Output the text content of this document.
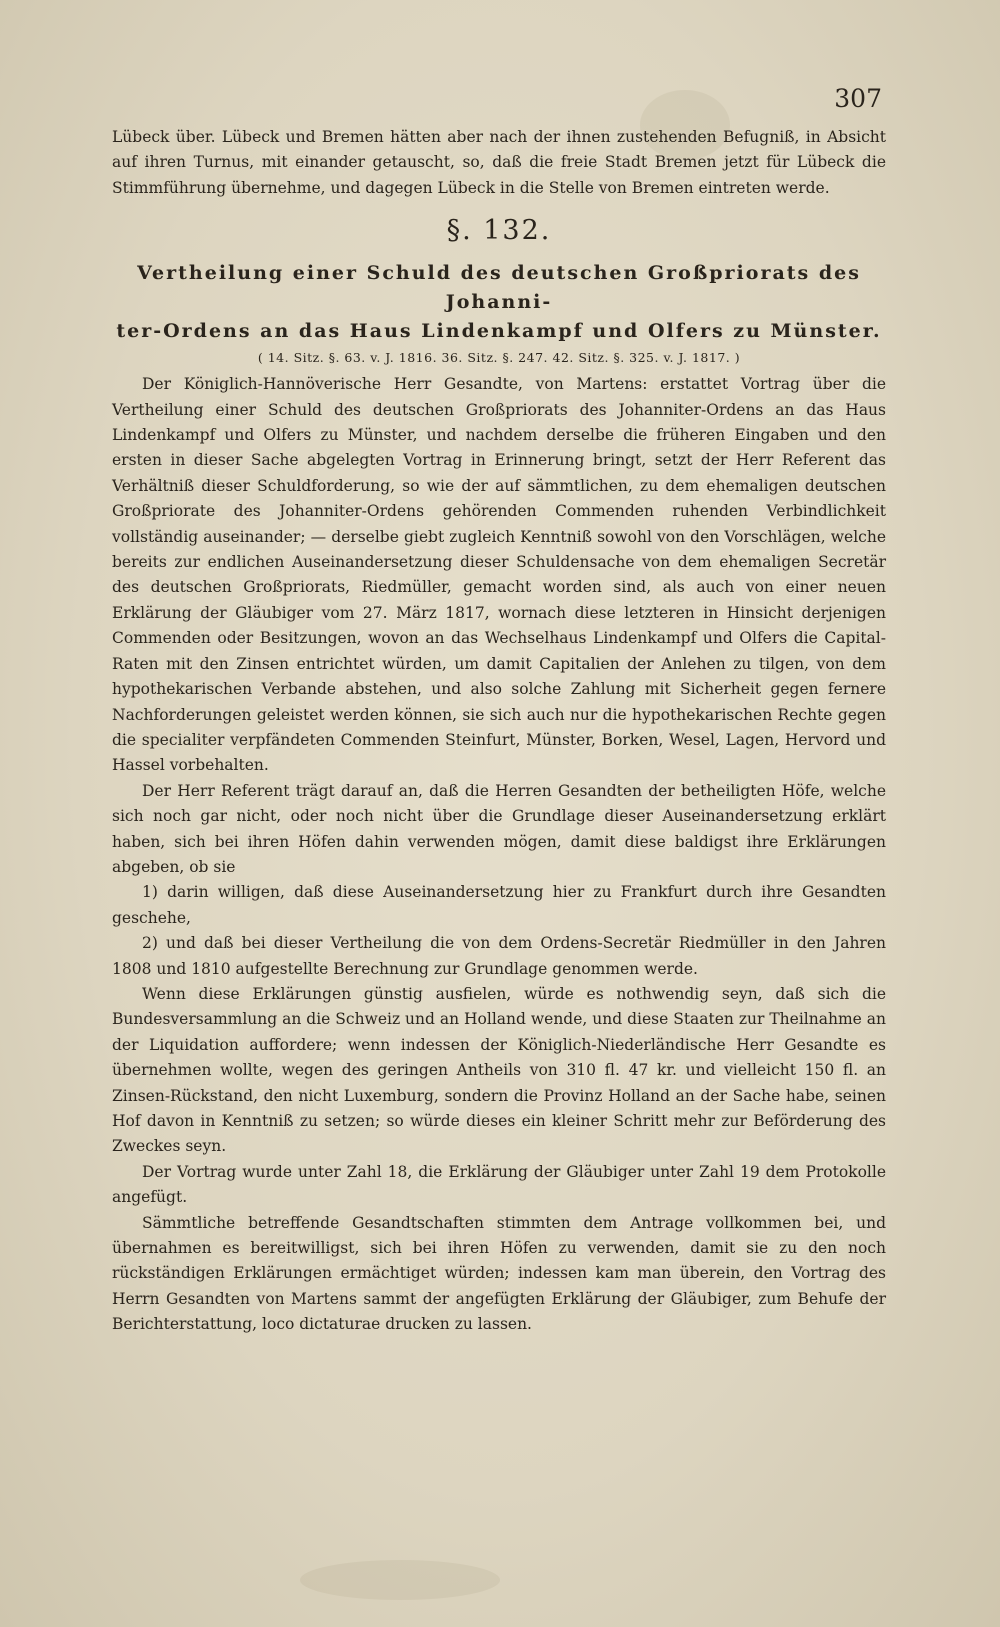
307

Lübeck über. Lübeck und Bremen hätten aber nach der ihnen zustehenden Befugniß, in Absicht auf ihren Turnus, mit einander getauscht, so, daß die freie Stadt Bremen jetzt für Lübeck die Stimmführung übernehme, und dagegen Lübeck in die Stelle von Bremen eintreten werde.

§. 132.
Vertheilung einer Schuld des deutschen Großpriorats des Johanni-
ter-Ordens an das Haus Lindenkampf und Olfers zu Münster.
( 14. Sitz. §. 63. v. J. 1816. 36. Sitz. §. 247. 42. Sitz. §. 325. v. J. 1817. )

Der Königlich-Hannöverische Herr Gesandte, von Martens: erstattet Vortrag über die Vertheilung einer Schuld des deutschen Großpriorats des Johanniter-Ordens an das Haus Lindenkampf und Olfers zu Münster, und nachdem derselbe die früheren Eingaben und den ersten in dieser Sache abgelegten Vortrag in Erinnerung bringt, setzt der Herr Referent das Verhältniß dieser Schuldforderung, so wie der auf sämmtlichen, zu dem ehemaligen deutschen Großpriorate des Johanniter-Ordens gehörenden Commenden ruhenden Verbindlichkeit vollständig auseinander; — derselbe giebt zugleich Kenntniß sowohl von den Vorschlägen, welche bereits zur endlichen Auseinandersetzung dieser Schuldensache von dem ehemaligen Secretär des deutschen Großpriorats, Riedmüller, gemacht worden sind, als auch von einer neuen Erklärung der Gläubiger vom 27. März 1817, wornach diese letzteren in Hinsicht derjenigen Commenden oder Besitzungen, wovon an das Wechselhaus Lindenkampf und Olfers die Capital-Raten mit den Zinsen entrichtet würden, um damit Capitalien der Anlehen zu tilgen, von dem hypothekarischen Verbande abstehen, und also solche Zahlung mit Sicherheit gegen fernere Nachforderungen geleistet werden können, sie sich auch nur die hypothekarischen Rechte gegen die specialiter verpfändeten Commenden Steinfurt, Münster, Borken, Wesel, Lagen, Hervord und Hassel vorbehalten.

Der Herr Referent trägt darauf an, daß die Herren Gesandten der betheiligten Höfe, welche sich noch gar nicht, oder noch nicht über die Grundlage dieser Auseinandersetzung erklärt haben, sich bei ihren Höfen dahin verwenden mögen, damit diese baldigst ihre Erklärungen abgeben, ob sie

1) darin willigen, daß diese Auseinandersetzung hier zu Frankfurt durch ihre Gesandten geschehe,

2) und daß bei dieser Vertheilung die von dem Ordens-Secretär Riedmüller in den Jahren 1808 und 1810 aufgestellte Berechnung zur Grundlage genommen werde.

Wenn diese Erklärungen günstig ausfielen, würde es nothwendig seyn, daß sich die Bundesversammlung an die Schweiz und an Holland wende, und diese Staaten zur Theilnahme an der Liquidation auffordere; wenn indessen der Königlich-Niederländische Herr Gesandte es übernehmen wollte, wegen des geringen Antheils von 310 fl. 47 kr. und vielleicht 150 fl. an Zinsen-Rückstand, den nicht Luxemburg, sondern die Provinz Holland an der Sache habe, seinen Hof davon in Kenntniß zu setzen; so würde dieses ein kleiner Schritt mehr zur Beförderung des Zweckes seyn.

Der Vortrag wurde unter Zahl 18, die Erklärung der Gläubiger unter Zahl 19 dem Protokolle angefügt.

Sämmtliche betreffende Gesandtschaften stimmten dem Antrage vollkommen bei, und übernahmen es bereitwilligst, sich bei ihren Höfen zu verwenden, damit sie zu den noch rückständigen Erklärungen ermächtiget würden; indessen kam man überein, den Vortrag des Herrn Gesandten von Martens sammt der angefügten Erklärung der Gläubiger, zum Behufe der Berichterstattung, loco dictaturae drucken zu lassen.
